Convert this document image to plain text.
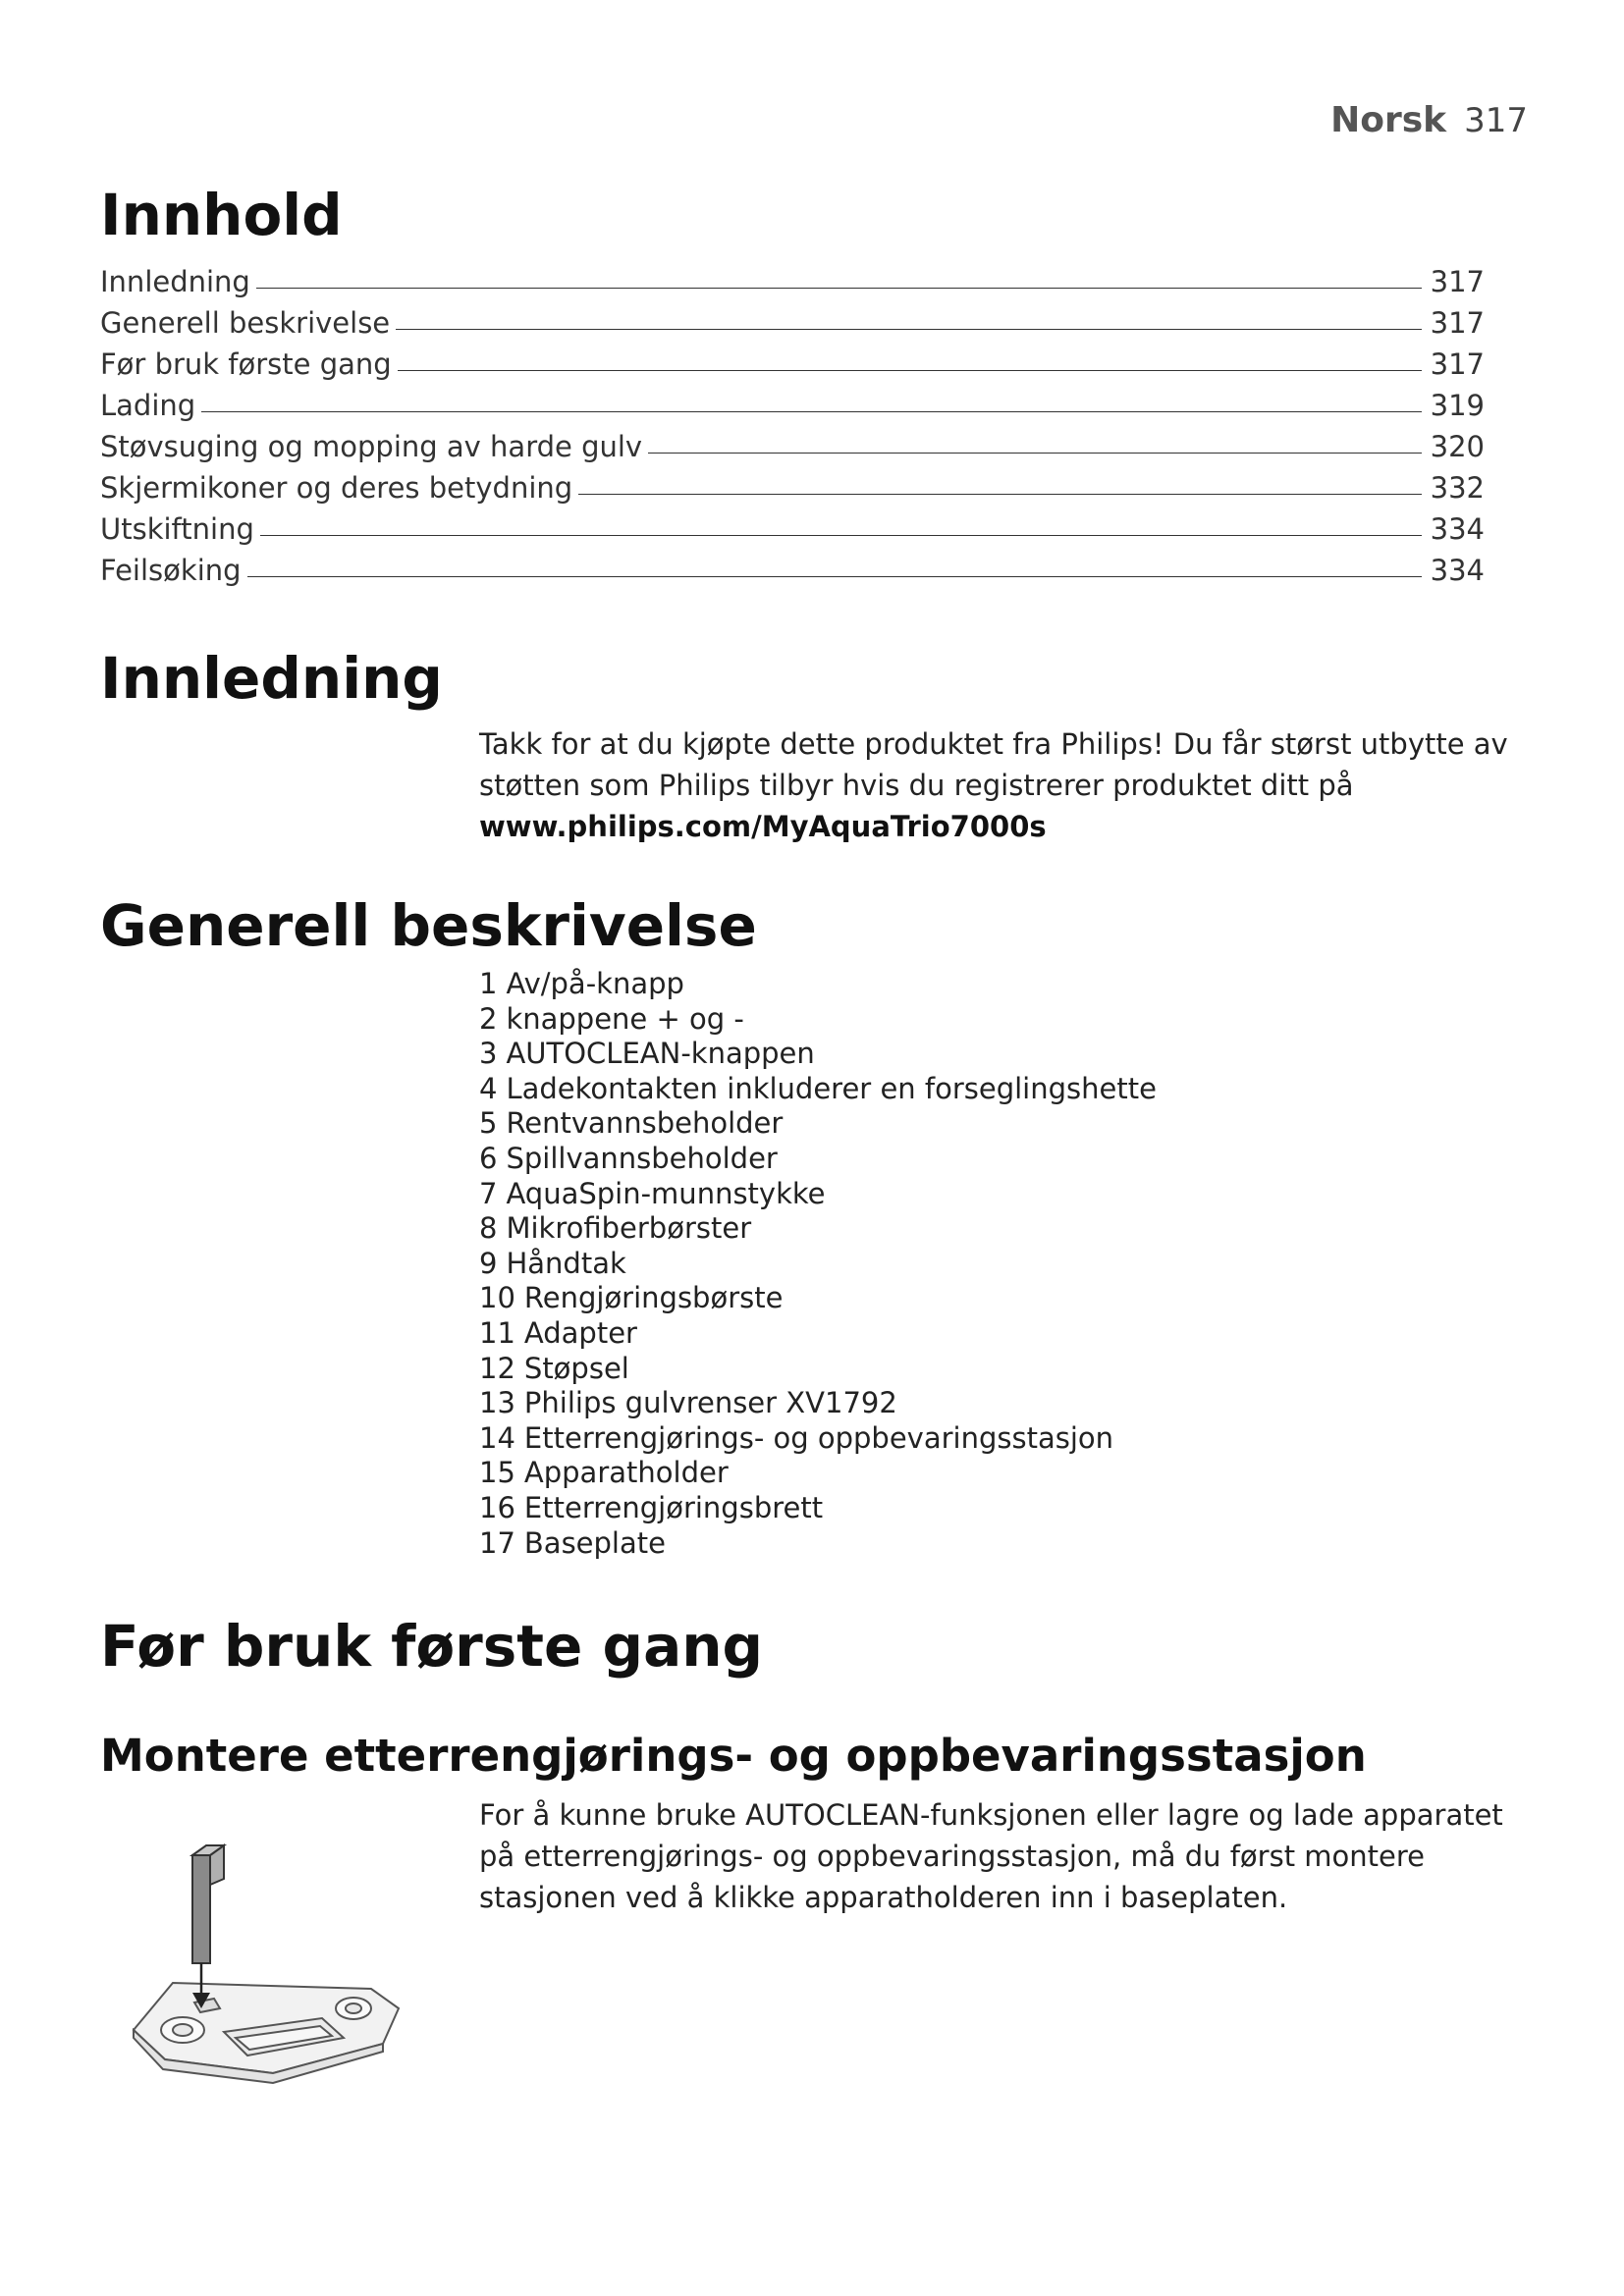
Norsk 317
Innhold
Innledning	317
Generell beskrivelse	317
Før bruk første gang	317
Lading	319
Støvsuging og mopping av harde gulv	320
Skjermikoner og deres betydning	332
Utskiftning	334
Feilsøking	334
Innledning
Takk for at du kjøpte dette produktet fra Philips! Du får størst utbytte av støtten som Philips tilbyr hvis du registrerer produktet ditt på
www.philips.com/MyAquaTrio7000s
Generell beskrivelse
1 Av/på-knapp
2 knappene + og -
3 AUTOCLEAN-knappen
4 Ladekontakten inkluderer en forseglingshette
5 Rentvannsbeholder
6 Spillvannsbeholder
7 AquaSpin-munnstykke
8 Mikrofiberbørster
9 Håndtak
10 Rengjøringsbørste
11 Adapter
12 Støpsel
13 Philips gulvrenser XV1792
14 Etterrengjørings- og oppbevaringsstasjon
15 Apparatholder
16 Etterrengjøringsbrett
17 Baseplate
Før bruk første gang
Montere etterrengjørings- og oppbevaringsstasjon
For å kunne bruke AUTOCLEAN-funksjonen eller lagre og lade apparatet på etterrengjørings- og oppbevaringsstasjon, må du først montere stasjonen ved å klikke apparatholderen inn i baseplaten.
